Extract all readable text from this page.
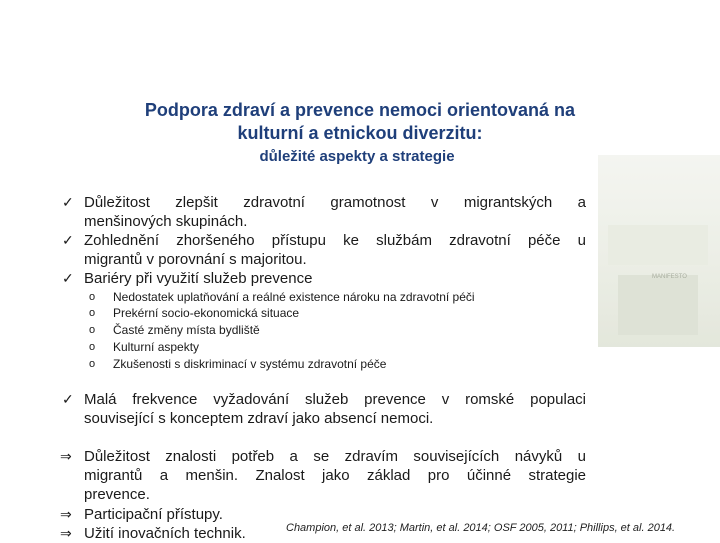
MANIFESTO
Podpora zdraví a prevence nemoci orientovaná na
kulturní a etnickou diverzitu:
důležité aspekty a strategie
✓ Důležitost zlepšit zdravotní gramotnost v migrantských a
menšinových skupinách.
✓ Zohlednění zhoršeného přístupu ke službám zdravotní péče u
migrantů v porovnání s majoritou.
✓ Bariéry při využití služeb prevence
o Nedostatek uplatňování a reálné existence nároku na zdravotní péči
o Prekérní socio-ekonomická situace
o Časté změny místa bydliště
o Kulturní aspekty
o Zkušenosti s diskriminací v systému zdravotní péče
✓ Malá frekvence vyžadování služeb prevence v romské populaci
související s konceptem zdraví jako absencí nemoci.
⇒ Důležitost znalosti potřeb a se zdravím souvisejících návyků u
migrantů a menšin. Znalost jako základ pro účinné strategie
prevence.
⇒ Participační přístupy.
⇒ Užití inovačních technik.	Champion, et al. 2013; Martin, et al. 2014; OSF 2005, 2011; Phillips, et al. 2014.
